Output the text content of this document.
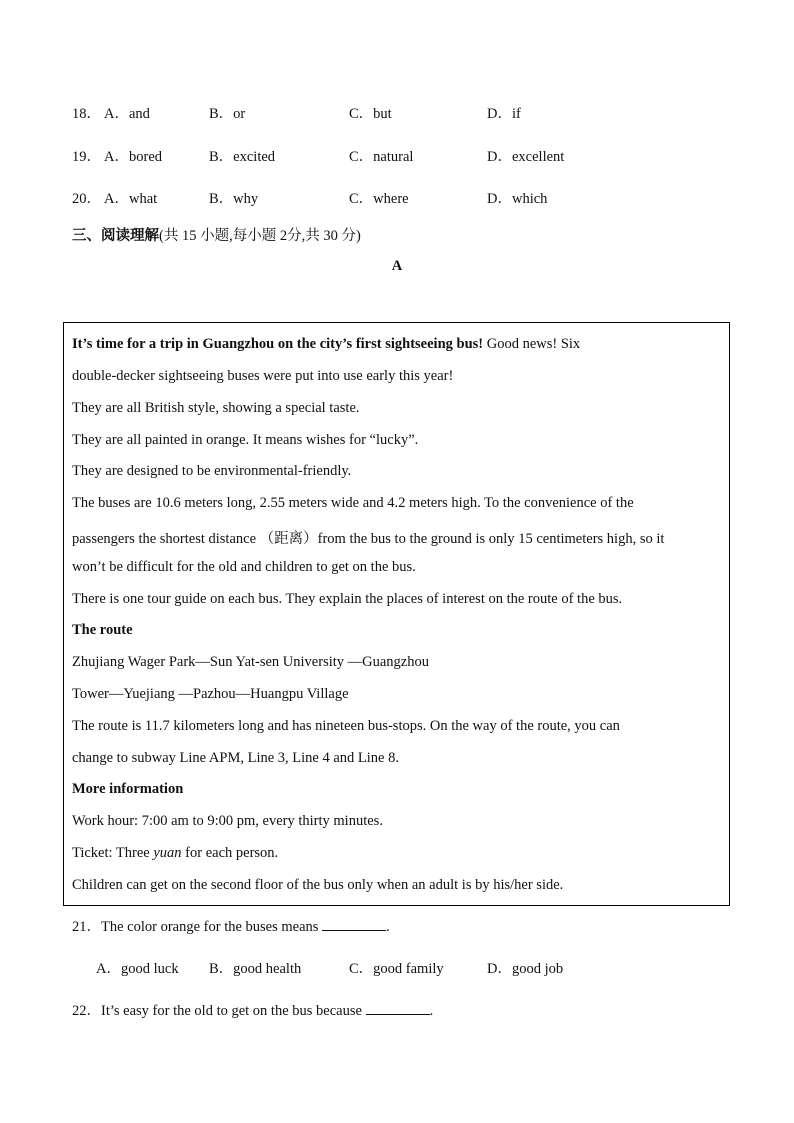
18． A．and	B．or	C．but	D．if
19． A．bored	B．excited	C．natural	D．excellent
20． A．what	B．why	C．where	D．which
三、阅读理解(共 15 小题,每小题 2分,共 30 分)
A
It’s time for a trip in Guangzhou on the city’s first sightseeing bus! Good news! Six
double-decker sightseeing buses were put into use early this year!
They are all British style, showing a special taste.
They are all painted in orange. It means wishes for “lucky”.
They are designed to be environmental-friendly.
The buses are 10.6 meters long, 2.55 meters wide and 4.2 meters high. To the convenience of the
passengers the shortest distance （距离）from the bus to the ground is only 15 centimeters high, so it
won’t be difficult for the old and children to get on the bus.
There is one tour guide on each bus. They explain the places of interest on the route of the bus.
The route
Zhujiang Wager Park—Sun Yat-sen University —Guangzhou
Tower—Yuejiang —Pazhou—Huangpu Village
The route is 11.7 kilometers long and has nineteen bus-stops. On the way of the route, you can
change to subway Line APM, Line 3, Line 4 and Line 8.
More information
Work hour: 7:00 am to 9:00 pm, every thirty minutes.
Ticket: Three yuan for each person.
Children can get on the second floor of the bus only when an adult is by his/her side.
21．The color orange for the buses means	.
A．good luck B．good health	C．good family	D．good job
22．It’s easy for the old to get on the bus because	.
